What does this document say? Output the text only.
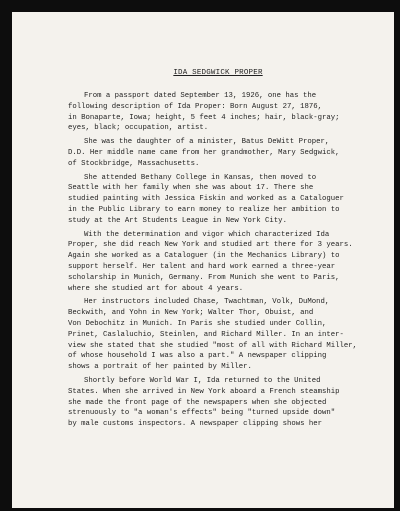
IDA SEDGWICK PROPER
From a passport dated September 13, 1926, one has the
following description of Ida Proper: Born August 27, 1876,
in Bonaparte, Iowa; height, 5 feet 4 inches; hair, black-gray;
eyes, black; occupation, artist.
She was the daughter of a minister, Batus DeWitt Proper,
D.D. Her middle name came from her grandmother, Mary Sedgwick,
of Stockbridge, Massachusetts.
She attended Bethany College in Kansas, then moved to
Seattle with her family when she was about 17. There she
studied painting with Jessica Fiskin and worked as a Cataloguer
in the Public Library to earn money to realize her ambition to
study at the Art Students League in New York City.
With the determination and vigor which characterized Ida
Proper, she did reach New York and studied art there for 3 years.
Again she worked as a Cataloguer (in the Mechanics Library) to
support herself. Her talent and hard work earned a three-year
scholarship in Munich, Germany. From Munich she went to Paris,
where she studied art for about 4 years.
Her instructors included Chase, Twachtman, Volk, DuMond,
Beckwith, and Yohn in New York; Walter Thor, Obuist, and
Von Debochitz in Munich. In Paris she studied under Collin,
Prinet, Caslaluchio, Steinlen, and Richard Miller. In an inter-
view she stated that she studied "most of all with Richard Miller,
of whose household I was also a part." A newspaper clipping
shows a portrait of her painted by Miller.
Shortly before World War I, Ida returned to the United
States. When she arrived in New York aboard a French steamship
she made the front page of the newspapers when she objected
strenuously to "a woman's effects" being "turned upside down"
by male customs inspectors. A newspaper clipping shows her
